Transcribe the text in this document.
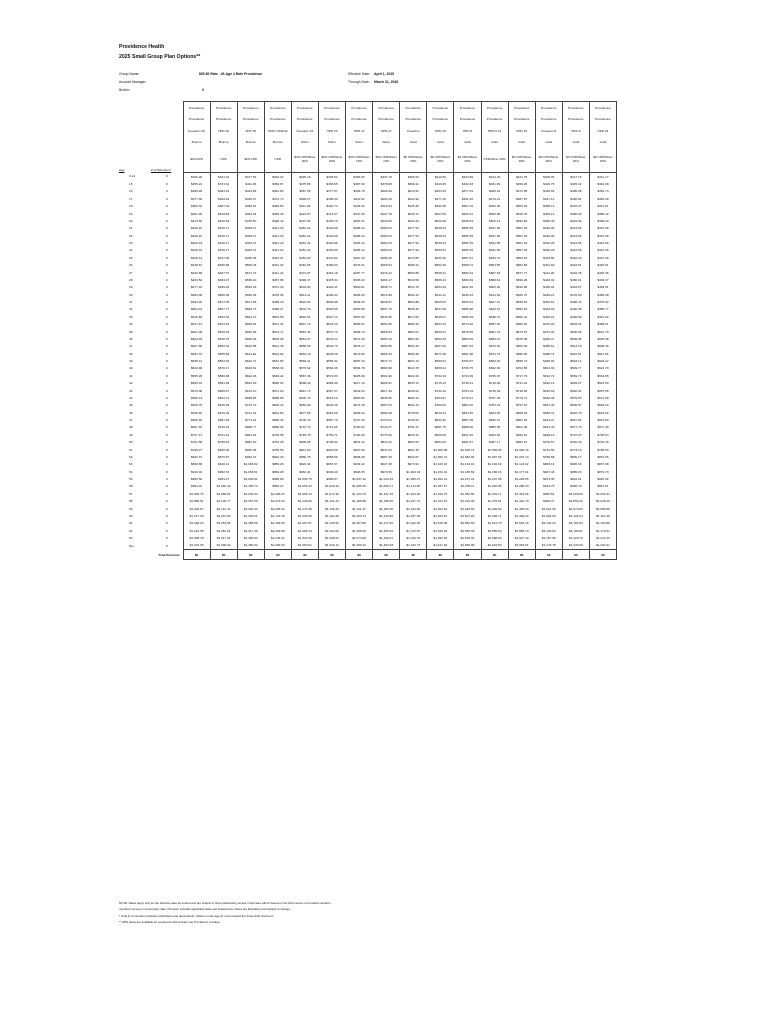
Providence Health
2025 Small Group Plan Options**
Group Name:	$65 $0 Rate - 45-Age 4 Rate Providence
Account Manager:
Broker:	0
Effective Date: April 1, 2025
Through Date: March 31, 2026
		Providence	Providence	Providence	Providence	Providence	Providence	Providence	Providence	Providence	Providence	Providence	Providence	Providence	Providence	Providence	Providence
		Providence	Providence	Providence	Providence	Providence	Providence	Providence	Providence	Providence	Providence	Providence	Providence	Providence	Providence	Providence	Providence
		Freedom 20	HPD 20	HPD 20	HPD CHOICE	Freedom 15	HPD 20	HPD 27	HPD 27	Freedom	HPD 15	HPD 8	HPD 8 12	HPD 15	Freedom 8	HPD 8	HPD 24
		Bronze	Bronze	Bronze	Bronze	Silver	Silver	Silver	Silver	Gold	Gold	Gold	Gold	Gold	Gold	Gold	Gold
Age	# of Members*	$20 CPD	CPD	$20 CPD	CPD	$30 CPD/Silver 20%	$30 CPD/Silver 20%	$30 CPD/Silver 15%	$30 CPD/Silver 10%	$0 CPD/Silver 20%	$0 CPD/Silver 20%	$0 CPD/Silver 20%	CPD/Silver 20%	$0 CPD/Silver 20%	$0 CPD/Silver 20%	$0 CPD/Silver 20%	$0 CPD/Silver 20%
0-14	0	$326.26	$341.34	$377.53	$322.22	$345.19	$336.64	$356.06	$347.79	$365.63	$412.60	$424.89	$414.29	$421.78	$300.09	$317.15	$314.17
15	0	$355.21	$371.64	$411.05	$350.87	$375.86	$366.55	$387.69	$378.68	$398.11	$449.25	$462.63	$451.09	$459.25	$326.75	$345.32	$342.08
16	0	$366.28	$383.23	$423.86	$361.80	$387.56	$377.97	$399.76	$390.49	$410.51	$463.25	$477.04	$465.15	$473.55	$336.93	$356.08	$352.73
17	0	$377.35	$394.81	$436.67	$372.73	$399.27	$389.40	$411.84	$402.29	$422.92	$477.26	$491.46	$479.21	$487.87	$347.12	$366.84	$363.40
18	0	$389.31	$407.32	$450.51	$384.54	$411.92	$401.74	$424.90	$415.04	$436.32	$492.38	$507.04	$494.39	$503.32	$358.12	$378.47	$374.91
19	0	$401.26	$419.83	$464.34	$396.35	$424.57	$414.07	$437.95	$427.78	$449.72	$507.50	$522.61	$509.58	$518.78	$369.12	$390.09	$386.42
20	0	$413.50	$432.63	$478.50	$408.44	$437.52	$426.70	$451.31	$440.83	$463.44	$522.98	$538.54	$525.12	$534.60	$380.38	$401.99	$398.20
21	0	$426.44	$446.17	$493.47	$421.22	$451.22	$440.06	$465.44	$454.63	$477.94	$539.34	$555.39	$541.55	$551.33	$392.28	$414.56	$410.66
22	0	$426.44	$446.17	$493.47	$421.22	$451.22	$440.06	$465.44	$454.63	$477.94	$539.34	$555.39	$541.55	$551.33	$392.28	$414.56	$410.66
23	0	$426.44	$446.17	$493.47	$421.22	$451.22	$440.06	$465.44	$454.63	$477.94	$539.34	$555.39	$541.55	$551.33	$392.28	$414.56	$410.66
24	0	$426.44	$446.17	$493.47	$421.22	$451.22	$440.06	$465.44	$454.63	$477.94	$539.34	$555.39	$541.55	$551.33	$392.28	$414.56	$410.66
25	0	$428.14	$447.96	$495.45	$422.91	$453.02	$441.82	$467.30	$456.45	$479.85	$541.50	$557.61	$543.72	$553.53	$393.85	$416.22	$412.30
26	0	$436.67	$456.88	$505.33	$431.34	$462.05	$450.62	$476.61	$465.54	$489.41	$552.28	$568.72	$554.55	$564.56	$401.69	$424.51	$420.51
27	0	$446.89	$467.57	$517.15	$441.44	$472.87	$461.18	$487.77	$476.44	$500.86	$565.21	$582.04	$567.53	$577.77	$411.09	$434.45	$430.36
28	0	$463.52	$484.97	$536.40	$457.86	$490.47	$478.34	$505.92	$494.17	$519.50	$586.24	$603.69	$588.64	$599.26	$426.39	$450.61	$446.37
29	0	$477.16	$499.23	$552.18	$471.33	$504.90	$492.41	$520.81	$508.71	$534.79	$603.49	$621.45	$605.96	$616.89	$438.94	$463.87	$459.51
30	0	$483.98	$506.36	$560.06	$478.06	$512.11	$499.44	$528.25	$515.98	$542.43	$612.11	$630.33	$614.62	$625.70	$445.21	$470.50	$466.08
31	0	$494.20	$517.06	$571.89	$488.16	$522.92	$509.98	$539.40	$526.87	$553.88	$625.04	$643.64	$627.61	$638.91	$454.61	$480.43	$475.92
32	0	$504.44	$527.77	$583.73	$498.27	$533.75	$520.55	$550.58	$537.79	$565.36	$637.99	$656.98	$640.61	$652.15	$464.03	$490.38	$485.77
33	0	$510.83	$534.46	$591.13	$504.59	$540.51	$527.14	$557.55	$544.60	$572.53	$646.07	$665.29	$648.72	$660.41	$469.91	$496.59	$491.92
34	0	$517.67	$541.61	$599.04	$511.34	$547.74	$534.20	$565.01	$551.89	$580.19	$654.72	$674.20	$657.40	$669.26	$476.20	$503.24	$498.51
35	0	$521.08	$545.18	$602.99	$514.71	$551.36	$537.72	$568.73	$555.53	$584.01	$659.04	$678.65	$661.74	$673.67	$479.33	$506.56	$501.79
36	0	$524.49	$548.75	$606.93	$518.08	$554.97	$541.24	$572.45	$559.16	$587.84	$663.35	$683.09	$666.07	$678.08	$482.47	$509.88	$505.08
37	0	$527.90	$552.32	$610.88	$521.45	$558.58	$544.76	$576.17	$562.80	$591.66	$667.66	$687.53	$670.40	$682.49	$485.61	$513.19	$508.36
38	0	$531.31	$555.89	$614.82	$524.82	$562.19	$548.28	$579.89	$566.43	$595.48	$671.98	$691.98	$674.73	$686.90	$488.74	$516.51	$511.65
39	0	$538.14	$563.03	$622.72	$531.56	$569.41	$555.32	$587.34	$573.71	$603.13	$680.61	$700.87	$683.40	$695.73	$495.03	$523.14	$518.22
40	0	$544.96	$570.17	$630.61	$538.30	$576.62	$562.36	$594.78	$580.98	$610.78	$689.24	$709.75	$692.06	$704.55	$501.30	$529.77	$524.79
41	0	$555.20	$580.88	$642.46	$548.41	$587.46	$572.93	$605.96	$591.90	$622.26	$702.19	$723.09	$705.07	$717.79	$510.72	$539.73	$534.65
42	0	$565.43	$591.59	$654.30	$558.52	$598.29	$583.49	$617.13	$602.81	$633.72	$715.13	$736.41	$718.06	$731.01	$520.13	$549.67	$544.50
43	0	$579.08	$605.87	$670.10	$572.00	$612.73	$597.57	$632.03	$617.36	$649.02	$732.40	$754.19	$735.39	$748.66	$532.69	$562.94	$557.65
44	0	$596.14	$623.72	$689.85	$588.86	$630.79	$615.19	$650.65	$635.55	$668.14	$753.97	$776.41	$757.06	$770.71	$548.38	$579.53	$574.08
45	0	$616.75	$645.28	$713.70	$609.22	$652.60	$636.46	$673.15	$657.53	$691.24	$780.04	$803.26	$783.24	$797.37	$567.35	$599.57	$593.93
46	0	$640.62	$670.26	$741.32	$632.80	$677.86	$661.09	$699.20	$682.98	$718.00	$810.24	$834.35	$813.56	$828.23	$589.31	$622.78	$616.92
47	0	$666.46	$697.29	$771.22	$658.32	$705.19	$687.75	$727.40	$710.52	$746.94	$842.90	$867.99	$846.37	$861.63	$613.07	$647.89	$641.80
48	0	$697.18	$729.43	$806.77	$688.66	$737.70	$719.45	$760.93	$743.27	$781.37	$881.75	$908.00	$885.38	$901.35	$641.33	$677.76	$671.38
49	0	$727.47	$761.12	$841.82	$718.58	$769.75	$750.71	$793.99	$775.56	$815.31	$920.06	$947.45	$923.84	$940.51	$669.19	$707.20	$700.54
50	0	$761.58	$796.81	$881.30	$752.28	$805.85	$785.92	$831.22	$811.93	$853.54	$963.20	$991.87	$967.17	$984.61	$700.57	$740.35	$733.39
51	0	$795.27	$832.06	$920.28	$785.55	$841.50	$820.68	$867.99	$847.84	$891.30	$1,005.80	$1,035.74	$1,009.95	$1,028.16	$731.56	$773.10	$765.83
52	0	$832.37	$870.87	$963.21	$822.20	$880.75	$858.96	$908.48	$887.39	$932.87	$1,052.72	$1,084.06	$1,057.06	$1,076.13	$765.68	$809.17	$801.56
53	0	$869.88	$910.12	$1,006.62	$859.26	$920.44	$897.67	$949.42	$927.38	$974.91	$1,100.16	$1,132.91	$1,104.69	$1,124.62	$800.19	$845.63	$837.68
54	0	$910.40	$952.51	$1,053.51	$899.28	$963.32	$939.49	$993.65	$970.59	$1,020.33	$1,151.41	$1,185.69	$1,156.16	$1,177.01	$837.46	$885.03	$876.70
55	0	$950.50	$994.47	$1,099.91	$938.89	$1,005.75	$980.87	$1,037.42	$1,013.34	$1,065.27	$1,202.12	$1,237.91	$1,207.08	$1,228.85	$874.35	$924.01	$915.32
56	0	$994.42	$1,040.42	$1,150.73	$982.27	$1,052.22	$1,026.20	$1,085.36	$1,060.17	$1,114.50	$1,257.67	$1,295.11	$1,262.85	$1,285.63	$914.75	$966.70	$957.61
57	0	$1,038.76	$1,086.81	$1,202.04	$1,026.07	$1,099.14	$1,071.96	$1,133.76	$1,107.45	$1,164.20	$1,313.75	$1,352.86	$1,319.17	$1,342.96	$955.54	$1,009.80	$1,000.31
58	0	$1,086.51	$1,136.77	$1,257.30	$1,073.24	$1,149.66	$1,121.24	$1,185.88	$1,158.36	$1,217.72	$1,374.15	$1,415.05	$1,379.81	$1,404.70	$999.47	$1,056.22	$1,046.29
59	0	$1,109.97	$1,161.31	$1,284.44	$1,096.41	$1,174.48	$1,145.43	$1,211.47	$1,183.36	$1,244.00	$1,403.81	$1,445.60	$1,409.60	$1,435.03	$1,021.05	$1,079.03	$1,068.88
60	0	$1,157.30	$1,210.83	$1,339.21	$1,143.16	$1,224.56	$1,194.28	$1,263.13	$1,233.82	$1,297.05	$1,463.67	$1,507.25	$1,469.71	$1,496.22	$1,064.59	$1,125.04	$1,114.46
61	0	$1,198.23	$1,253.66	$1,386.58	$1,183.59	$1,267.87	$1,236.52	$1,307.80	$1,277.46	$1,342.93	$1,515.45	$1,560.56	$1,521.70	$1,549.15	$1,102.24	$1,164.83	$1,153.88
62	0	$1,224.95	$1,281.61	$1,417.49	$1,209.98	$1,296.14	$1,264.09	$1,336.96	$1,305.94	$1,372.87	$1,549.24	$1,595.36	$1,555.63	$1,583.70	$1,126.83	$1,190.81	$1,179.61
63	0	$1,258.78	$1,317.01	$1,456.64	$1,243.41	$1,331.95	$1,299.01	$1,373.88	$1,342.01	$1,410.79	$1,592.03	$1,639.42	$1,598.60	$1,627.44	$1,157.95	$1,223.70	$1,212.20
64+	0	$1,279.25	$1,338.42	$1,480.32	$1,263.63	$1,353.61	$1,320.13	$1,396.22	$1,363.83	$1,433.73	$1,617.92	$1,666.08	$1,624.60	$1,653.91	$1,176.78	$1,243.60	$1,231.91
Total Premium		$0	$0	$0	$0	$0	$0	$0	$0	$0	$0	$0	$0	$0	$0	$0	$0
NOTE: Rates apply only for the effective date as quoted and are subject to final underwriting review. Final rates will be based on the final census of enrolled members.
members renew on anniversary date. Premium includes applicable state and federal fees. Rates are illustrative and subject to change.
* Total # of members includes subscribers and dependents; children under age 21 count toward the three-child maximum.
** HPD plans are available for employers with at least one Providence enrollee.
